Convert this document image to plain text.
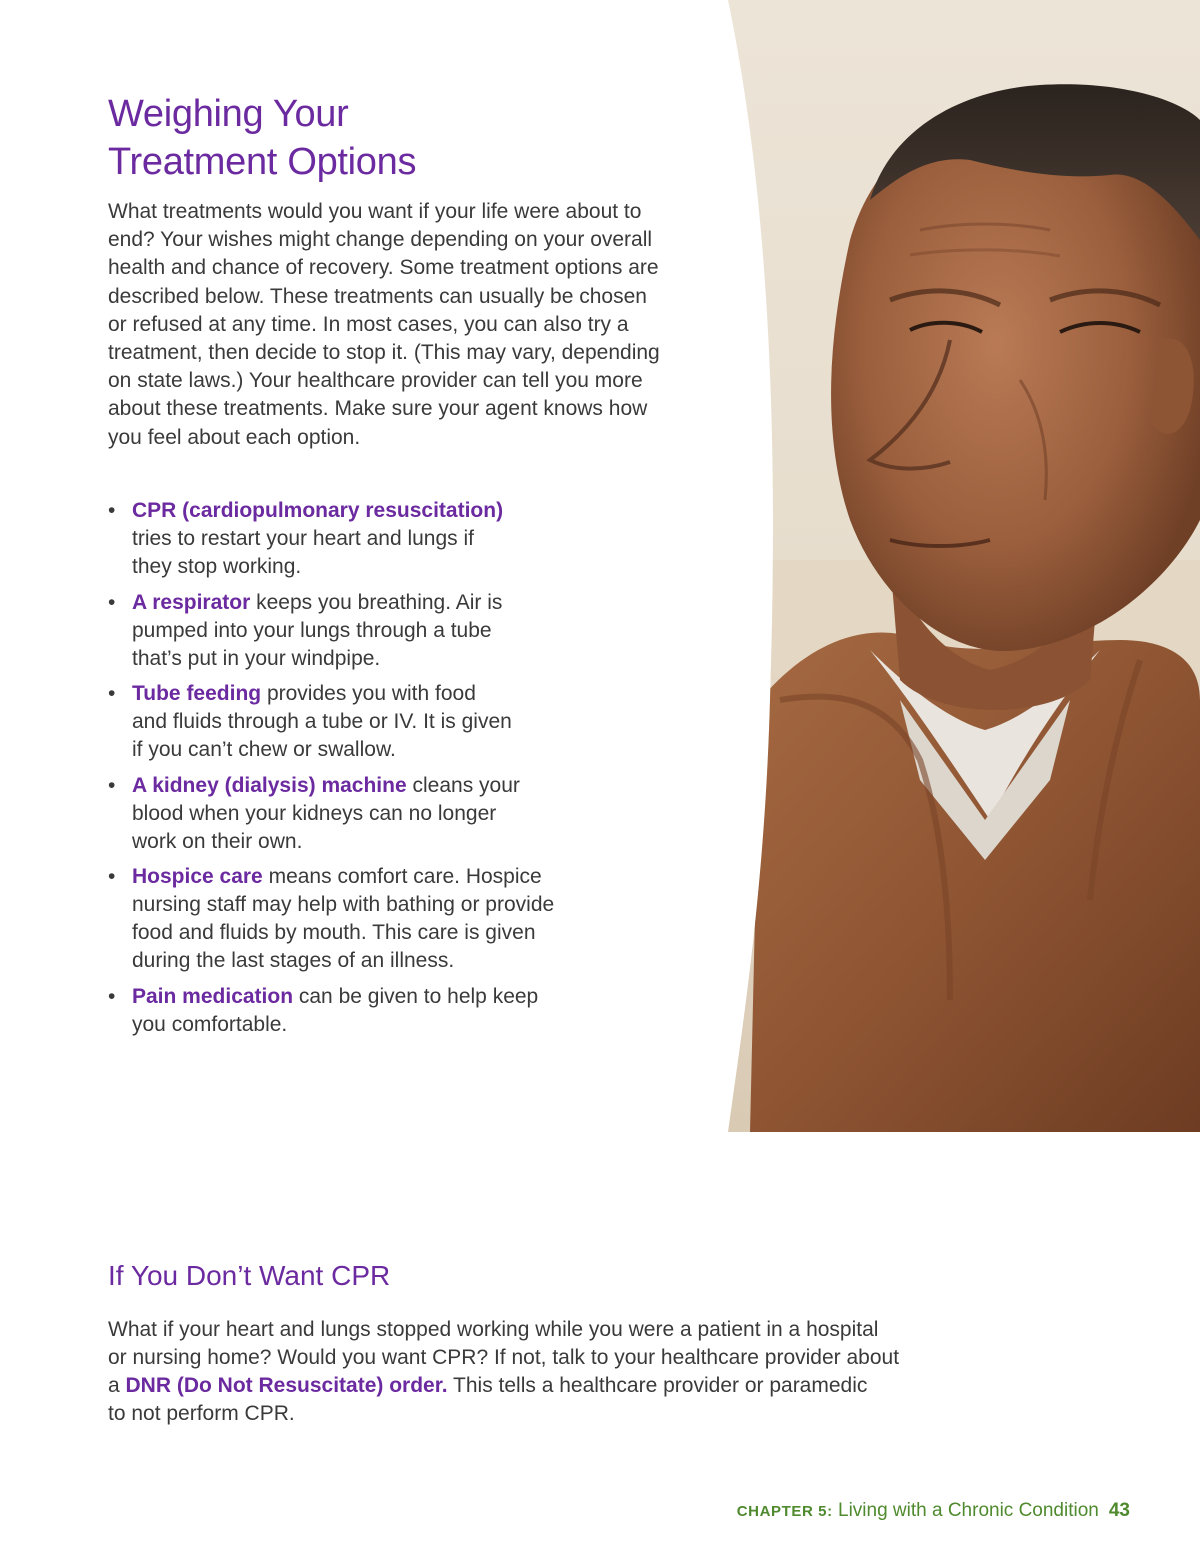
Weighing Your
Treatment Options

What treatments would you want if your life were about to end? Your wishes might change depending on your overall health and chance of recovery. Some treatment options are described below. These treatments can usually be chosen or refused at any time. In most cases, you can also try a treatment, then decide to stop it. (This may vary, depending on state laws.) Your healthcare provider can tell you more about these treatments. Make sure your agent knows how you feel about each option.

• CPR (cardiopulmonary resuscitation)
tries to restart your heart and lungs if
they stop working.
• A respirator keeps you breathing. Air is
pumped into your lungs through a tube
that’s put in your windpipe.
• Tube feeding provides you with food
and fluids through a tube or IV. It is given
if you can’t chew or swallow.
• A kidney (dialysis) machine cleans your
blood when your kidneys can no longer
work on their own.
• Hospice care means comfort care. Hospice
nursing staff may help with bathing or provide
food and fluids by mouth. This care is given
during the last stages of an illness.
• Pain medication can be given to help keep
you comfortable.
If You Don’t Want CPR

What if your heart and lungs stopped working while you were a patient in a hospital
or nursing home? Would you want CPR? If not, talk to your healthcare provider about
a DNR (Do Not Resuscitate) order. This tells a healthcare provider or paramedic
to not perform CPR.

CHAPTER 5: Living with a Chronic Condition 43
